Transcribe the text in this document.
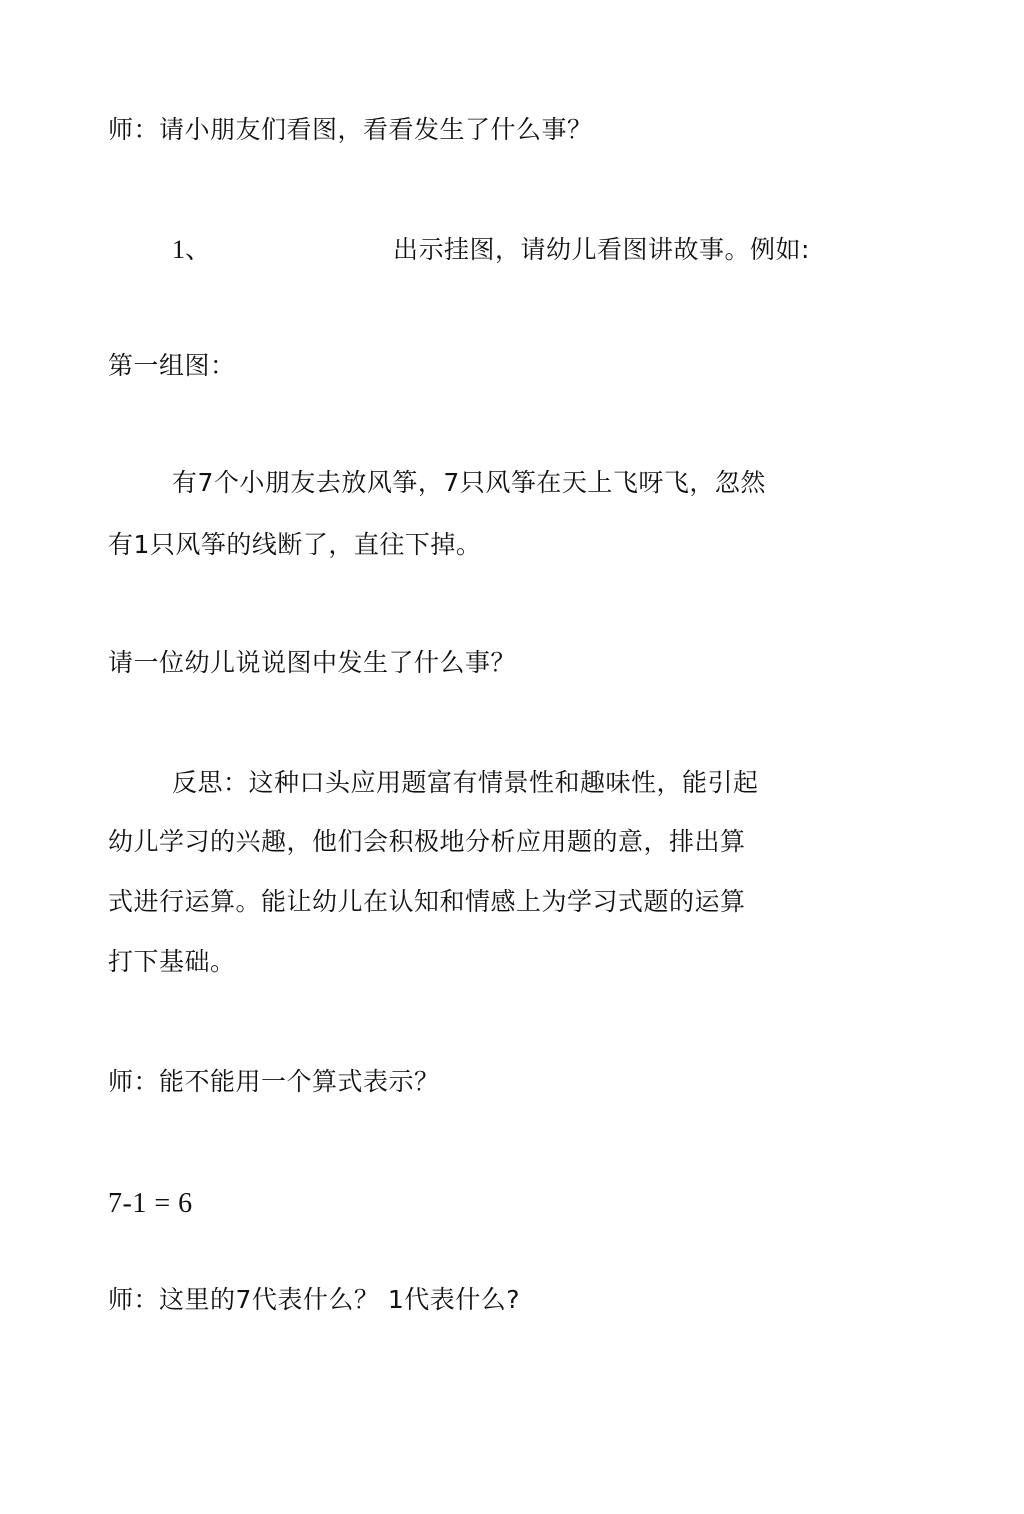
师：请小朋友们看图，看看发生了什么事？
1、	出示挂图，请幼儿看图讲故事。例如:
第一组图：
有7个小朋友去放风筝，7只风筝在天上飞呀飞，忽然
有1只风筝的线断了，直往下掉。
请一位幼儿说说图中发生了什么事？
反思：这种口头应用题富有情景性和趣味性，能引起
幼儿学习的兴趣，他们会积极地分析应用题的意，排出算
式进行运算。能让幼儿在认知和情感上为学习式题的运算
打下基础。
师：能不能用一个算式表示？
7-1 = 6
师：这里的7代表什么？ 1代表什么?
